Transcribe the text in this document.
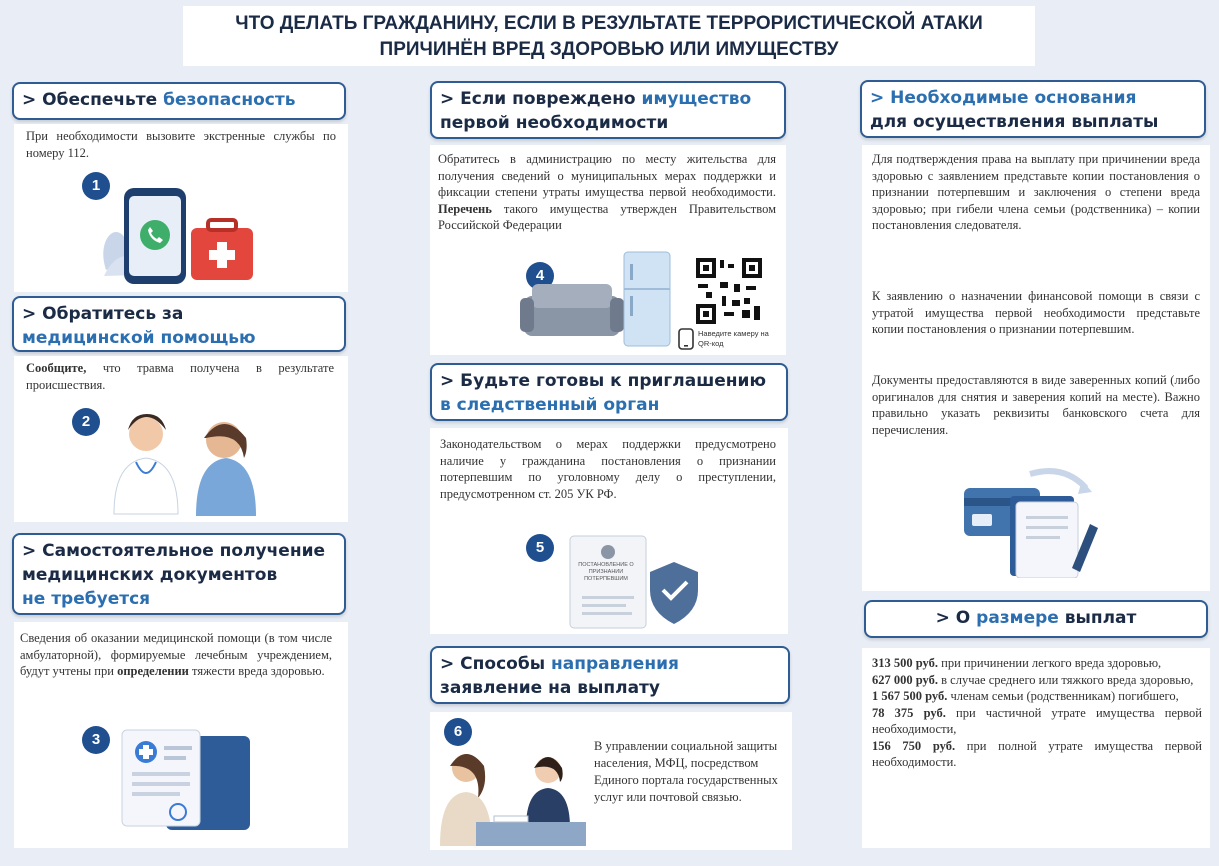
ЧТО ДЕЛАТЬ ГРАЖДАНИНУ, ЕСЛИ В РЕЗУЛЬТАТЕ ТЕРРОРИСТИЧЕСКОЙ АТАКИ
ПРИЧИНЁН ВРЕД ЗДОРОВЬЮ ИЛИ ИМУЩЕСТВУ
> Обеспечьте безопасность
При необходимости вызовите экстренные службы по номеру 112.
1
> Обратитесь за
медицинской помощью
Сообщите, что травма получена в результате происшествия.
2
> Самостоятельное получение
медицинских документов
не требуется
Сведения об оказании медицинской помощи (в том числе амбулаторной), формируемые лечебным учреждением, будут учтены при определении тяжести вреда здоровью.
3
> Если повреждено имущество
первой необходимости
Обратитесь в администрацию по месту жительства для получения сведений о муниципальных мерах поддержки и фиксации степени утраты имущества первой необходимости. Перечень такого имущества утвержден Правительством Российской Федерации
4
Наведите камеру на QR-код
> Будьте готовы к приглашению
в следственный орган
Законодательством о мерах поддержки предусмотрено наличие у гражданина постановления о признании потерпевшим по уголовному делу о преступлении, предусмотренном ст. 205 УК РФ.
5
ПОСТАНОВЛЕНИЕ О ПРИЗНАНИИ ПОТЕРПЕВШИМ
> Способы направления
заявление на выплату
6
В управлении социальной защиты населения, МФЦ, посредством Единого портала государственных услуг или почтовой связью.
> Необходимые основания
для осуществления выплаты
Для подтверждения права на выплату при причинении вреда здоровью с заявлением представьте копии постановления о признании потерпевшим и заключения о степени вреда здоровью; при гибели члена семьи (родственника) – копии постановления следователя.
К заявлению о назначении финансовой помощи в связи с утратой имущества первой необходимости представьте копии постановления о признании потерпевшим.
Документы предоставляются в виде заверенных копий (либо оригиналов для снятия и заверения копий на месте). Важно правильно указать реквизиты банковского счета для перечисления.
> О размере выплат
313 500 руб. при причинении легкого вреда здоровью,
627 000 руб. в случае среднего или тяжкого вреда здоровью,
1 567 500 руб. членам семьи (родственникам) погибшего,
78 375 руб. при частичной утрате имущества первой необходимости,
156 750 руб. при полной утрате имущества первой необходимости.
